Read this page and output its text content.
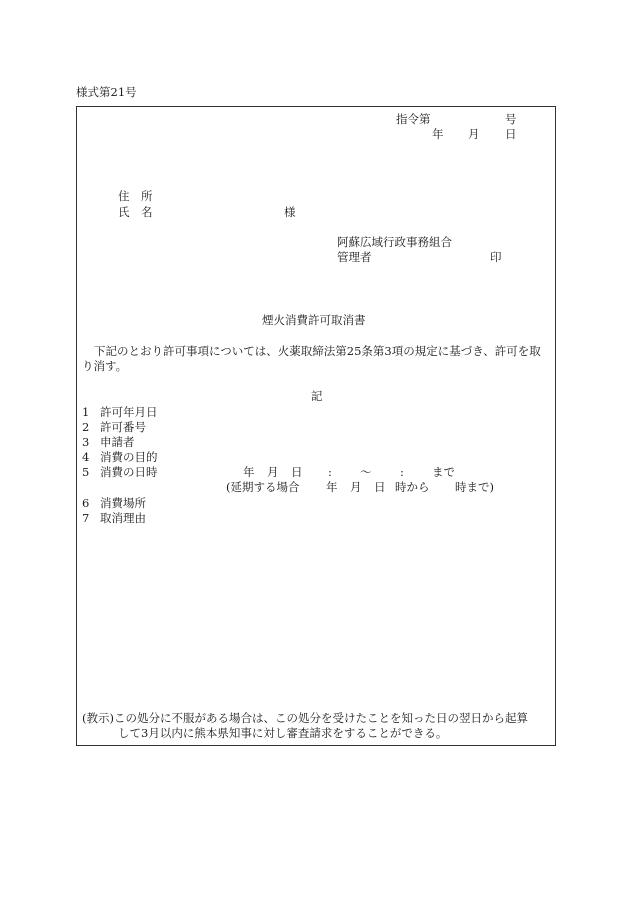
様式第21号
指令第	号
年 月 日
住　所
氏　名	様
阿蘇広域行政事務組合
管理者	印
煙火消費許可取消書
下記のとおり許可事項については、火薬取締法第25条第3項の規定に基づき、許可を取
り消す。
記
1 許可年月日
2 許可番号
3 申請者
4 消費の目的
5 消費の日時	年 月 日 : 〜 : まで
(延期する場合 年 月 日 時から 時まで)
6 消費場所
7 取消理由
(教示)この処分に不服がある場合は、この処分を受けたことを知った日の翌日から起算
して3月以内に熊本県知事に対し審査請求をすることができる。
